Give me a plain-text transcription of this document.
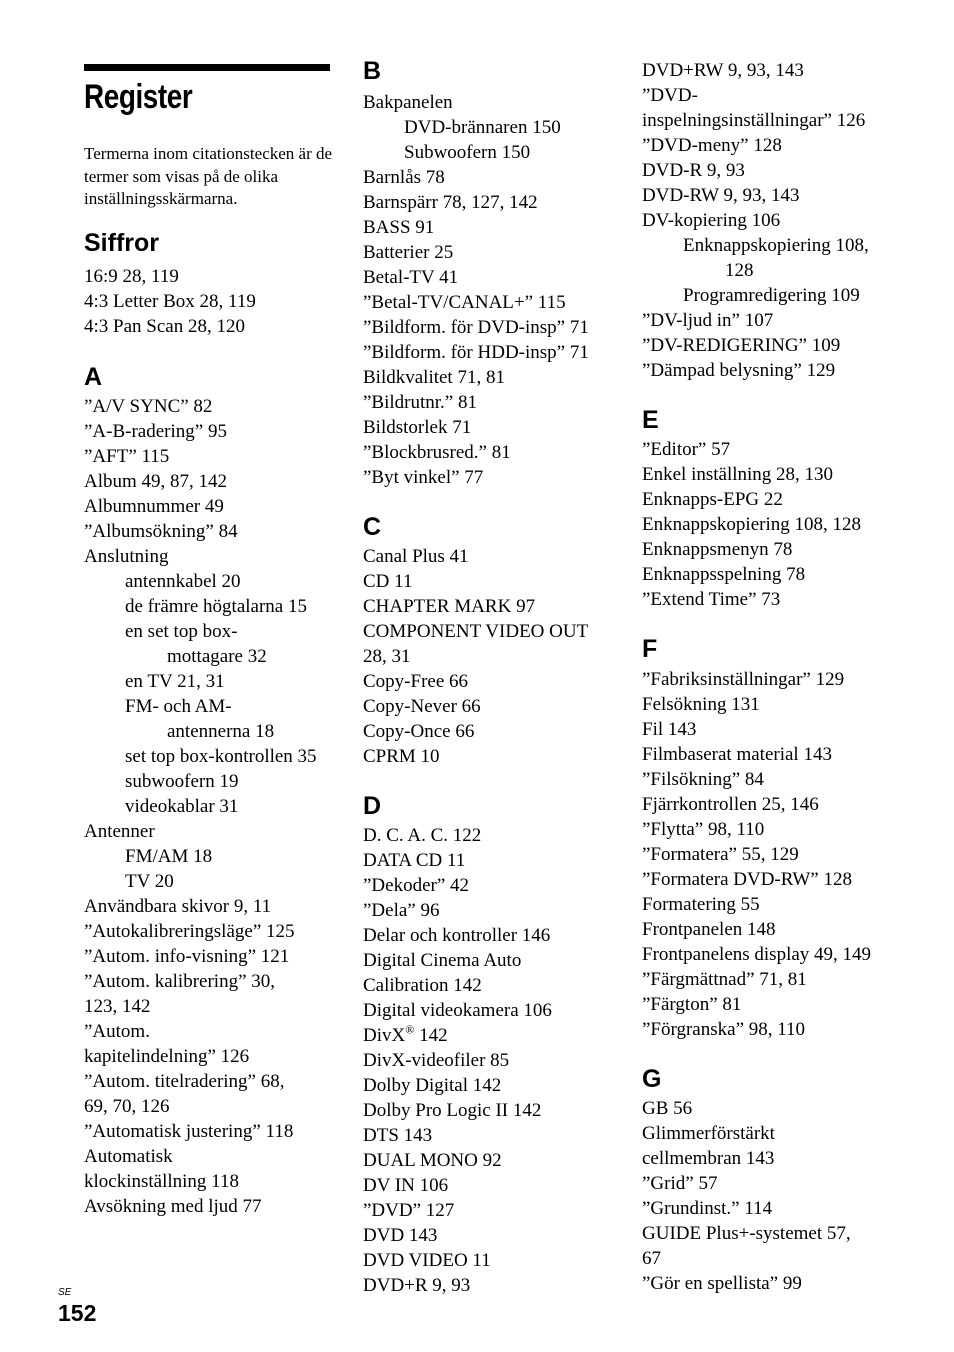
Register
Termerna inom citationstecken är de termer som visas på de olika inställningsskärmarna.
Siffror
16:9 28, 119
4:3 Letter Box 28, 119
4:3 Pan Scan 28, 120
A
”A/V SYNC” 82
”A-B-radering” 95
”AFT” 115
Album 49, 87, 142
Albumnummer 49
”Albumsökning” 84
Anslutning
antennkabel 20
de främre högtalarna 15
en set top box-
mottagare 32
en TV 21, 31
FM- och AM-
antennerna 18
set top box-kontrollen 35
subwoofern 19
videokablar 31
Antenner
FM/AM 18
TV 20
Användbara skivor 9, 11
”Autokalibreringsläge” 125
”Autom. info-visning” 121
”Autom. kalibrering” 30,
123, 142
”Autom.
kapitelindelning” 126
”Autom. titelradering” 68,
69, 70, 126
”Automatisk justering” 118
Automatisk
klockinställning 118
Avsökning med ljud 77
B
Bakpanelen
DVD-brännaren 150
Subwoofern 150
Barnlås 78
Barnspärr 78, 127, 142
BASS 91
Batterier 25
Betal-TV 41
”Betal-TV/CANAL+” 115
”Bildform. för DVD-insp” 71
”Bildform. för HDD-insp” 71
Bildkvalitet 71, 81
”Bildrutnr.” 81
Bildstorlek 71
”Blockbrusred.” 81
”Byt vinkel” 77
C
Canal Plus 41
CD 11
CHAPTER MARK 97
COMPONENT VIDEO OUT
28, 31
Copy-Free 66
Copy-Never 66
Copy-Once 66
CPRM 10
D
D. C. A. C. 122
DATA CD 11
”Dekoder” 42
”Dela” 96
Delar och kontroller 146
Digital Cinema Auto
Calibration 142
Digital videokamera 106
DivX® 142
DivX-videofiler 85
Dolby Digital 142
Dolby Pro Logic II 142
DTS 143
DUAL MONO 92
DV IN 106
”DVD” 127
DVD 143
DVD VIDEO 11
DVD+R 9, 93
DVD+RW 9, 93, 143
”DVD-
inspelningsinställningar” 126
”DVD-meny” 128
DVD-R 9, 93
DVD-RW 9, 93, 143
DV-kopiering 106
Enknappskopiering 108,
128
Programredigering 109
”DV-ljud in” 107
”DV-REDIGERING” 109
”Dämpad belysning” 129
E
”Editor” 57
Enkel inställning 28, 130
Enknapps-EPG 22
Enknappskopiering 108, 128
Enknappsmenyn 78
Enknappsspelning 78
”Extend Time” 73
F
”Fabriksinställningar” 129
Felsökning 131
Fil 143
Filmbaserat material 143
”Filsökning” 84
Fjärrkontrollen 25, 146
”Flytta” 98, 110
”Formatera” 55, 129
”Formatera DVD-RW” 128
Formatering 55
Frontpanelen 148
Frontpanelens display 49, 149
”Färgmättnad” 71, 81
”Färgton” 81
”Förgranska” 98, 110
G
GB 56
Glimmerförstärkt
cellmembran 143
”Grid” 57
”Grundinst.” 114
GUIDE Plus+-systemet 57,
67
”Gör en spellista” 99
SE
152
